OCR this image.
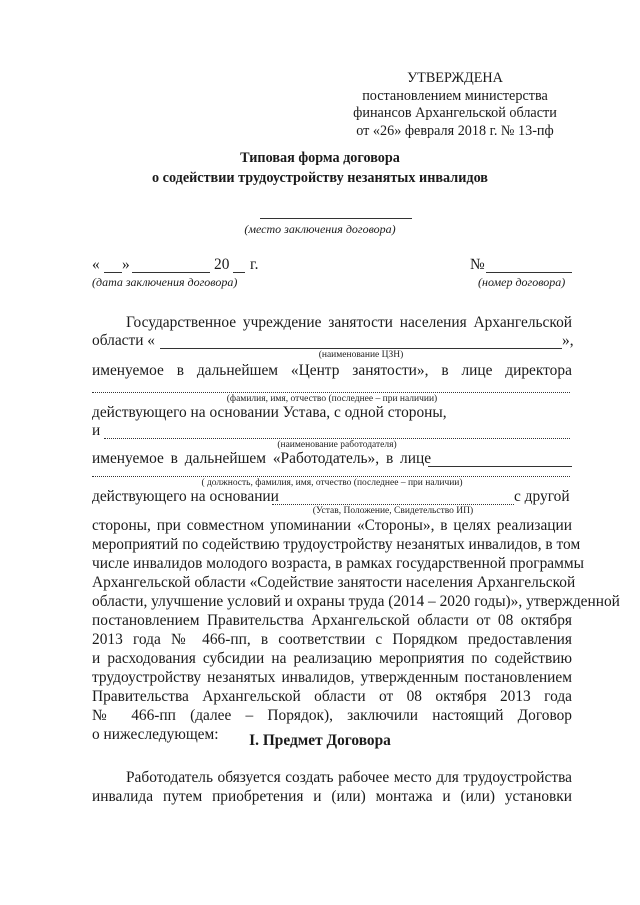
УТВЕРЖДЕНА
постановлением министерства
финансов Архангельской области
от «26» февраля 2018 г. № 13-пф
Типовая форма договора
о содействии трудоустройству незанятых инвалидов
(место заключения договора)
« »	20 г.
(дата заключения договора)
№
(номер договора)
Государственное учреждение занятости населения Архангельской
области «	»,
(наименование ЦЗН)
именуемое в дальнейшем «Центр занятости», в лице директора
(фамилия, имя, отчество (последнее – при наличии)
действующего на основании Устава, с одной стороны,
и
(наименование работодателя)
именуемое в дальнейшем «Работодатель», в лице
( должность, фамилия, имя, отчество (последнее – при наличии)
действующего на основании	с другой
(Устав, Положение, Свидетельство ИП)
стороны, при совместном упоминании «Стороны», в целях реализации
мероприятий по содействию трудоустройству незанятых инвалидов, в том
числе инвалидов молодого возраста, в рамках государственной программы
Архангельской области «Содействие занятости населения Архангельской
области, улучшение условий и охраны труда (2014 – 2020 годы)», утвержденной
постановлением Правительства Архангельской области от 08 октября
2013 года № 466-пп, в соответствии с Порядком предоставления
и расходования субсидии на реализацию мероприятия по содействию
трудоустройству незанятых инвалидов, утвержденным постановлением
Правительства Архангельской области от 08 октября 2013 года
№ 466-пп (далее – Порядок), заключили настоящий Договор
о нижеследующем:	I. Предмет Договора
Работодатель обязуется создать рабочее место для трудоустройства
инвалида путем приобретения и (или) монтажа и (или) установки
